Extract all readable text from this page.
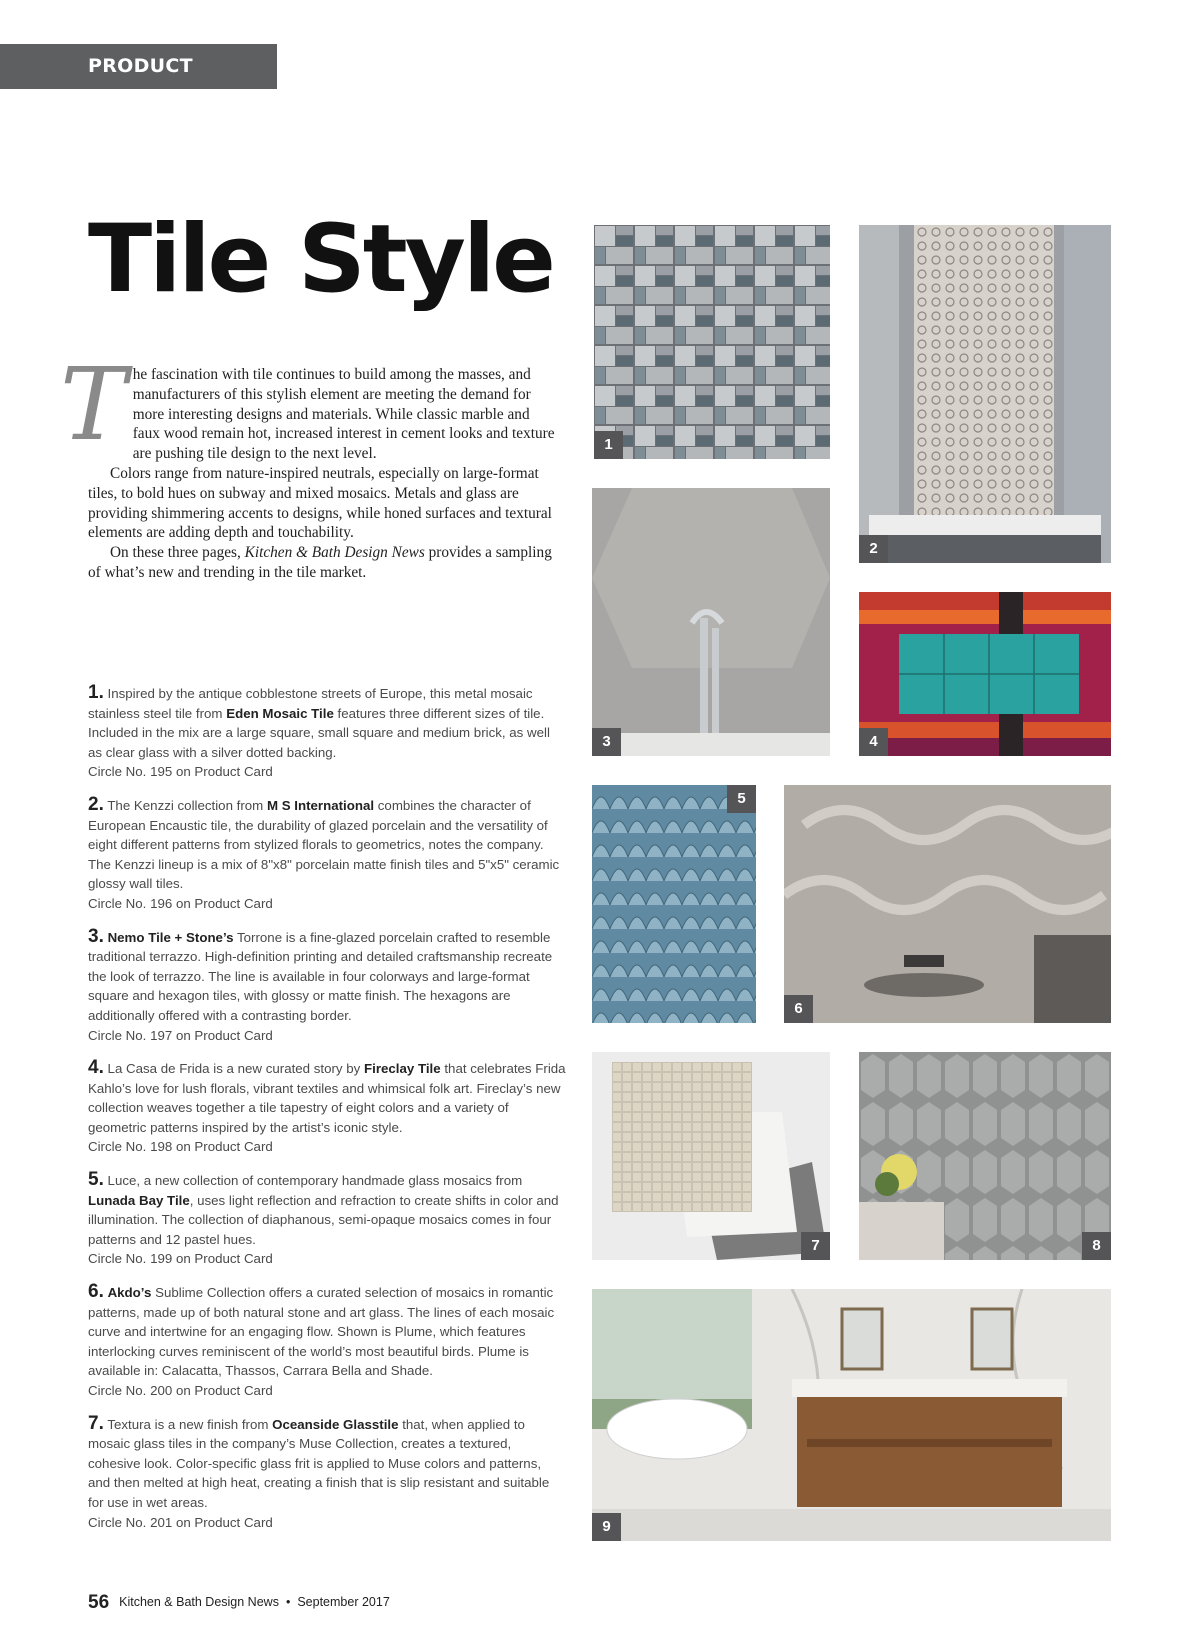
PRODUCT REVIEW
Tile Style

The fascination with tile continues to build among the masses, and manufacturers of this stylish element are meeting the demand for more interesting designs and materials. While classic marble and faux wood remain hot, increased interest in cement looks and texture are pushing tile design to the next level.

Colors range from nature-inspired neutrals, especially on large-format tiles, to bold hues on subway and mixed mosaics. Metals and glass are providing shimmering accents to designs, while honed surfaces and textural elements are adding depth and touchability.

On these three pages, Kitchen & Bath Design News provides a sampling of what’s new and trending in the tile market.

1. Inspired by the antique cobblestone streets of Europe, this metal mosaic stainless steel tile from Eden Mosaic Tile features three different sizes of tile. Included in the mix are a large square, small square and medium brick, as well as clear glass with a silver dotted backing.
Circle No. 195 on Product Card
2. The Kenzzi collection from M S International combines the character of European Encaustic tile, the durability of glazed porcelain and the versatility of eight different patterns from stylized florals to geometrics, notes the company. The Kenzzi lineup is a mix of 8"x8" porcelain matte finish tiles and 5"x5" ceramic glossy wall tiles.
Circle No. 196 on Product Card
3. Nemo Tile + Stone’s Torrone is a fine-glazed porcelain crafted to resemble traditional terrazzo. High-definition printing and detailed craftsmanship recreate the look of terrazzo. The line is available in four colorways and large-format square and hexagon tiles, with glossy or matte finish. The hexagons are additionally offered with a contrasting border.
Circle No. 197 on Product Card
4. La Casa de Frida is a new curated story by Fireclay Tile that celebrates Frida Kahlo’s love for lush florals, vibrant textiles and whimsical folk art. Fireclay’s new collection weaves together a tile tapestry of eight colors and a variety of geometric patterns inspired by the artist’s iconic style.
Circle No. 198 on Product Card
5. Luce, a new collection of contemporary handmade glass mosaics from Lunada Bay Tile, uses light reflection and refraction to create shifts in color and illumination. The collection of diaphanous, semi-opaque mosaics comes in four patterns and 12 pastel hues.
Circle No. 199 on Product Card
6. Akdo’s Sublime Collection offers a curated selection of mosaics in romantic patterns, made up of both natural stone and art glass. The lines of each mosaic curve and intertwine for an engaging flow. Shown is Plume, which features interlocking curves reminiscent of the world’s most beautiful birds. Plume is available in: Calacatta, Thassos, Carrara Bella and Shade.
Circle No. 200 on Product Card
7. Textura is a new finish from Oceanside Glasstile that, when applied to mosaic glass tiles in the company’s Muse Collection, creates a textured, cohesive look. Color-specific glass frit is applied to Muse colors and patterns, and then melted at high heat, creating a finish that is slip resistant and suitable for use in wet areas.
Circle No. 201 on Product Card
1
2
3	4
5
6
7	8
9
56 Kitchen & Bath Design News • September 2017
